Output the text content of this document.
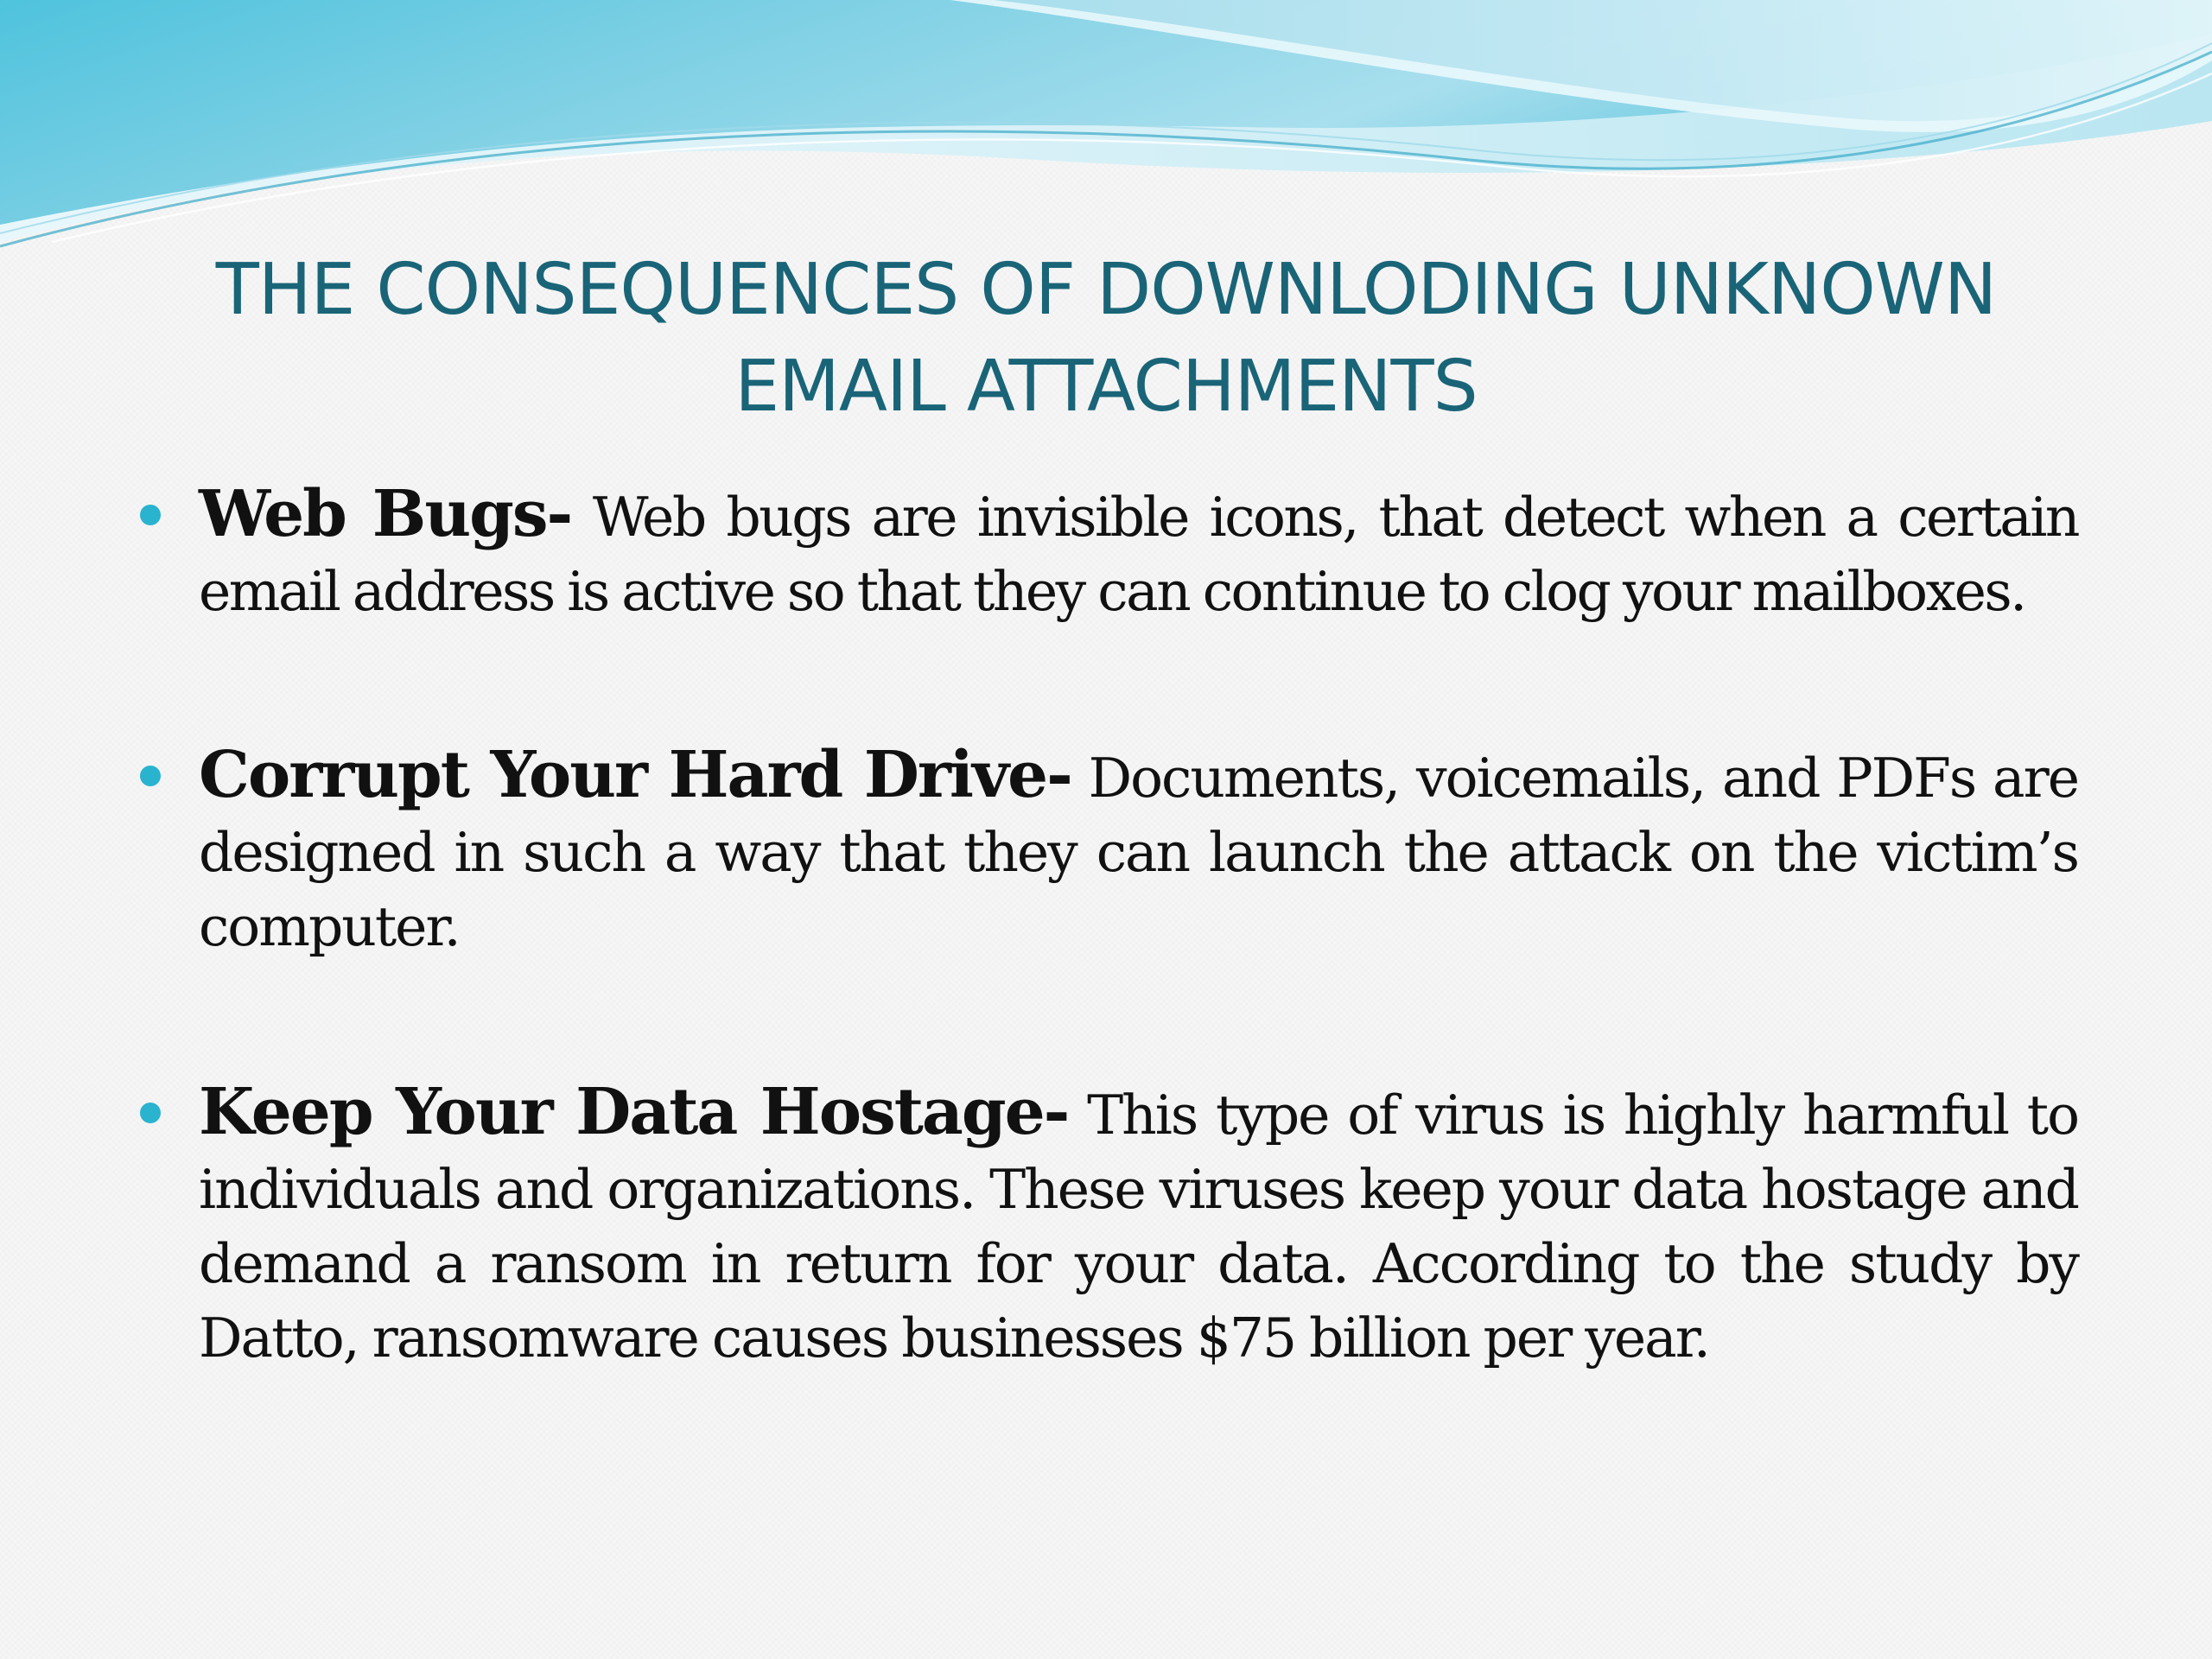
THE CONSEQUENCES OF DOWNLODING UNKNOWN
EMAIL ATTACHMENTS
Web Bugs- Web bugs are invisible icons, that detect when a certain email address is active so that they can continue to clog your mailboxes.
Corrupt Your Hard Drive- Documents, voicemails, and PDFs are designed in such a way that they can launch the attack on the victim’s computer.
Keep Your Data Hostage- This type of virus is highly harmful to individuals and organizations. These viruses keep your data hostage and demand a ransom in return for your data. According to the study by Datto, ransomware causes businesses $75 billion per year.
